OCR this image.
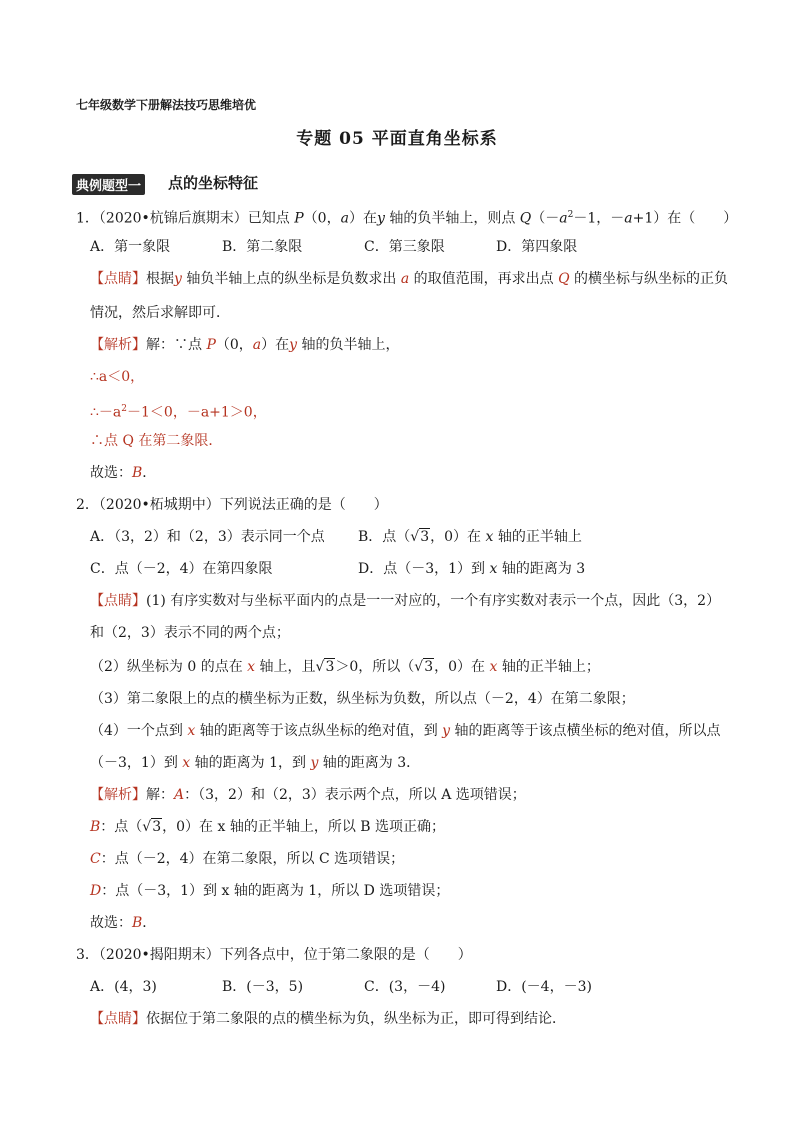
七年级数学下册解法技巧思维培优
专题 05 平面直角坐标系
典例题型一 点的坐标特征
1．（2020•杭锦后旗期末）已知点 P（0，a）在y 轴的负半轴上，则点 $Q(-a^2-1$，－a+1）在（　　）
A．第一象限	B．第二象限	C．第三象限	D．第四象限
【点睛】根据y 轴负半轴上点的纵坐标是负数求出 a 的取值范围，再求出点 Q 的横坐标与纵坐标的正负
情况，然后求解即可．
【解析】解：∵点 P（0，a）在y 轴的负半轴上，
∴a＜0，
$\therefore-a^2-1<0$，－a+1＞0，
∴点 Q 在第二象限．
故选：B．
2．（2020•柘城期中）下列说法正确的是（　　）
A．（3，2）和（2，3）表示同一个点 B．点（√3，0）在 x 轴的正半轴上
C．点（－2，4）在第四象限	D．点（－3，1）到 x 轴的距离为 3
【点睛】(1) 有序实数对与坐标平面内的点是一一对应的，一个有序实数对表示一个点，因此（3，2）
和（2，3）表示不同的两个点；
（2）纵坐标为 0 的点在 x 轴上，且√3＞0，所以（√3，0）在 x 轴的正半轴上；
（3）第二象限上的点的横坐标为正数，纵坐标为负数，所以点（－2，4）在第二象限；
（4）一个点到 x 轴的距离等于该点纵坐标的绝对值，到 y 轴的距离等于该点横坐标的绝对值，所以点
（－3，1）到 x 轴的距离为 1，到 y 轴的距离为 3．
【解析】解：A：（3，2）和（2，3）表示两个点，所以 A 选项错误；
B：点（√3，0）在 x 轴的正半轴上，所以 B 选项正确；
C：点（－2，4）在第二象限，所以 C 选项错误；
D：点（－3，1）到 x 轴的距离为 1，所以 D 选项错误；
故选：B．
3．（2020•揭阳期末）下列各点中，位于第二象限的是（　　）
A．(4，3)	B．(－3，5)	C．(3，－4)	D．(－4，－3)
【点睛】依据位于第二象限的点的横坐标为负，纵坐标为正，即可得到结论．
